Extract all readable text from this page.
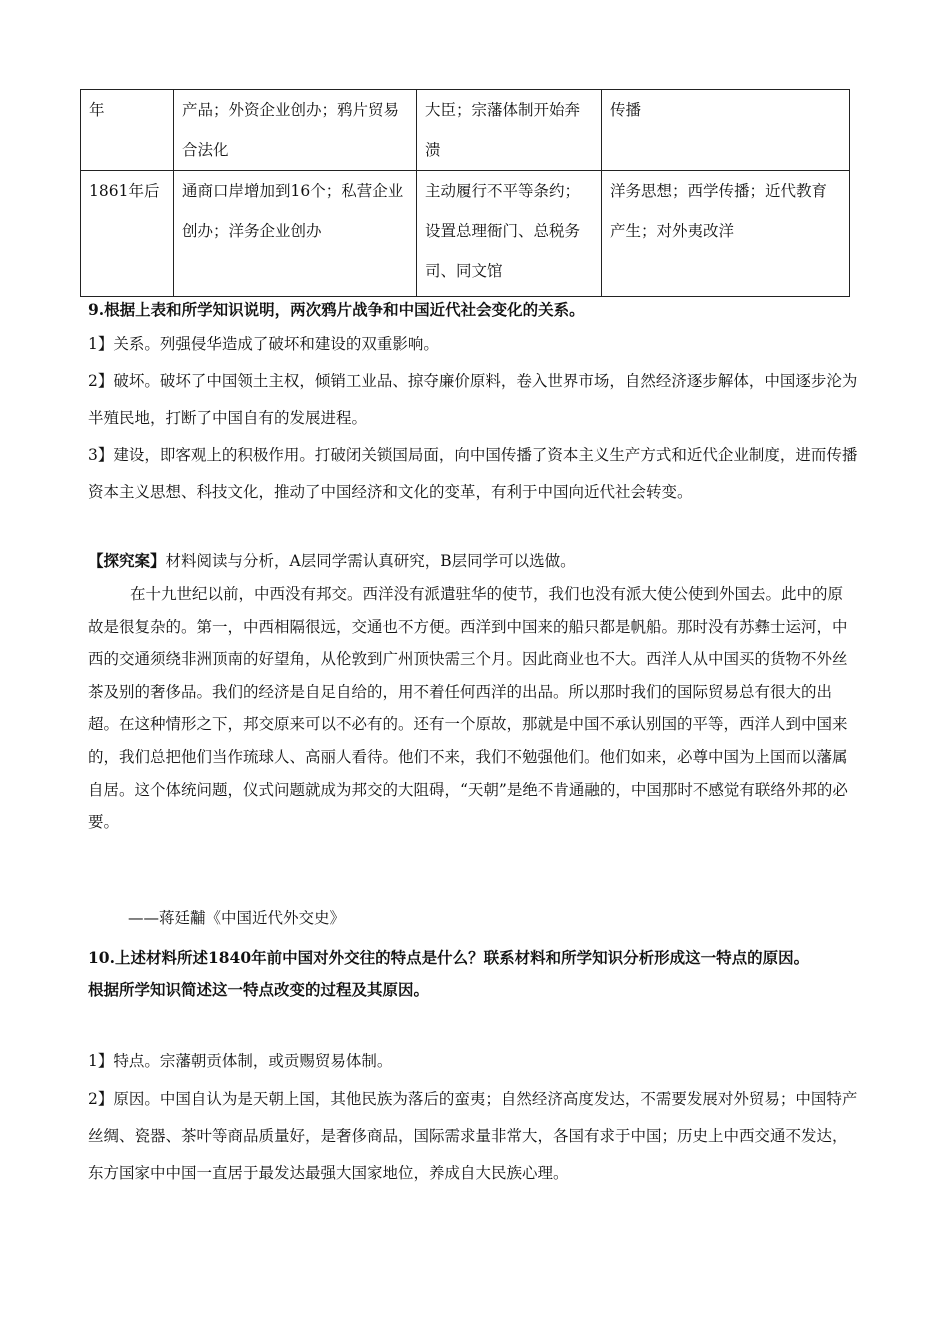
年	产品；外资企业创办；鸦片贸易合法化	大臣；宗藩体制开始奔溃	传播
1861年后	通商口岸增加到16个；私营企业创办；洋务企业创办	主动履行不平等条约；设置总理衙门、总税务司、同文馆	洋务思想；西学传播；近代教育产生；对外夷改洋
9.根据上表和所学知识说明，两次鸦片战争和中国近代社会变化的关系。
1】关系。列强侵华造成了破坏和建设的双重影响。
2】破坏。破坏了中国领土主权，倾销工业品、掠夺廉价原料，卷入世界市场，自然经济逐步解体，中国逐步沦为半殖民地，打断了中国自有的发展进程。
3】建设，即客观上的积极作用。打破闭关锁国局面，向中国传播了资本主义生产方式和近代企业制度，进而传播资本主义思想、科技文化，推动了中国经济和文化的变革，有利于中国向近代社会转变。
【探究案】材料阅读与分析，A层同学需认真研究，B层同学可以选做。
在十九世纪以前，中西没有邦交。西洋没有派遣驻华的使节，我们也没有派大使公使到外国去。此中的原故是很复杂的。第一，中西相隔很远，交通也不方便。西洋到中国来的船只都是帆船。那时没有苏彝士运河，中西的交通须绕非洲顶南的好望角，从伦敦到广州顶快需三个月。因此商业也不大。西洋人从中国买的货物不外丝茶及别的奢侈品。我们的经济是自足自给的，用不着任何西洋的出品。所以那时我们的国际贸易总有很大的出超。在这种情形之下，邦交原来可以不必有的。还有一个原故，那就是中国不承认别国的平等，西洋人到中国来的，我们总把他们当作琉球人、高丽人看待。他们不来，我们不勉强他们。他们如来，必尊中国为上国而以藩属自居。这个体统问题，仪式问题就成为邦交的大阻碍，“天朝”是绝不肯通融的，中国那时不感觉有联络外邦的必要。
——蒋廷黼《中国近代外交史》
10.上述材料所述1840年前中国对外交往的特点是什么？联系材料和所学知识分析形成这一特点的原因。
根据所学知识简述这一特点改变的过程及其原因。
1】特点。宗藩朝贡体制，或贡赐贸易体制。
2】原因。中国自认为是天朝上国，其他民族为落后的蛮夷；自然经济高度发达，不需要发展对外贸易；中国特产丝绸、瓷器、茶叶等商品质量好，是奢侈商品，国际需求量非常大，各国有求于中国；历史上中西交通不发达，东方国家中中国一直居于最发达最强大国家地位，养成自大民族心理。
